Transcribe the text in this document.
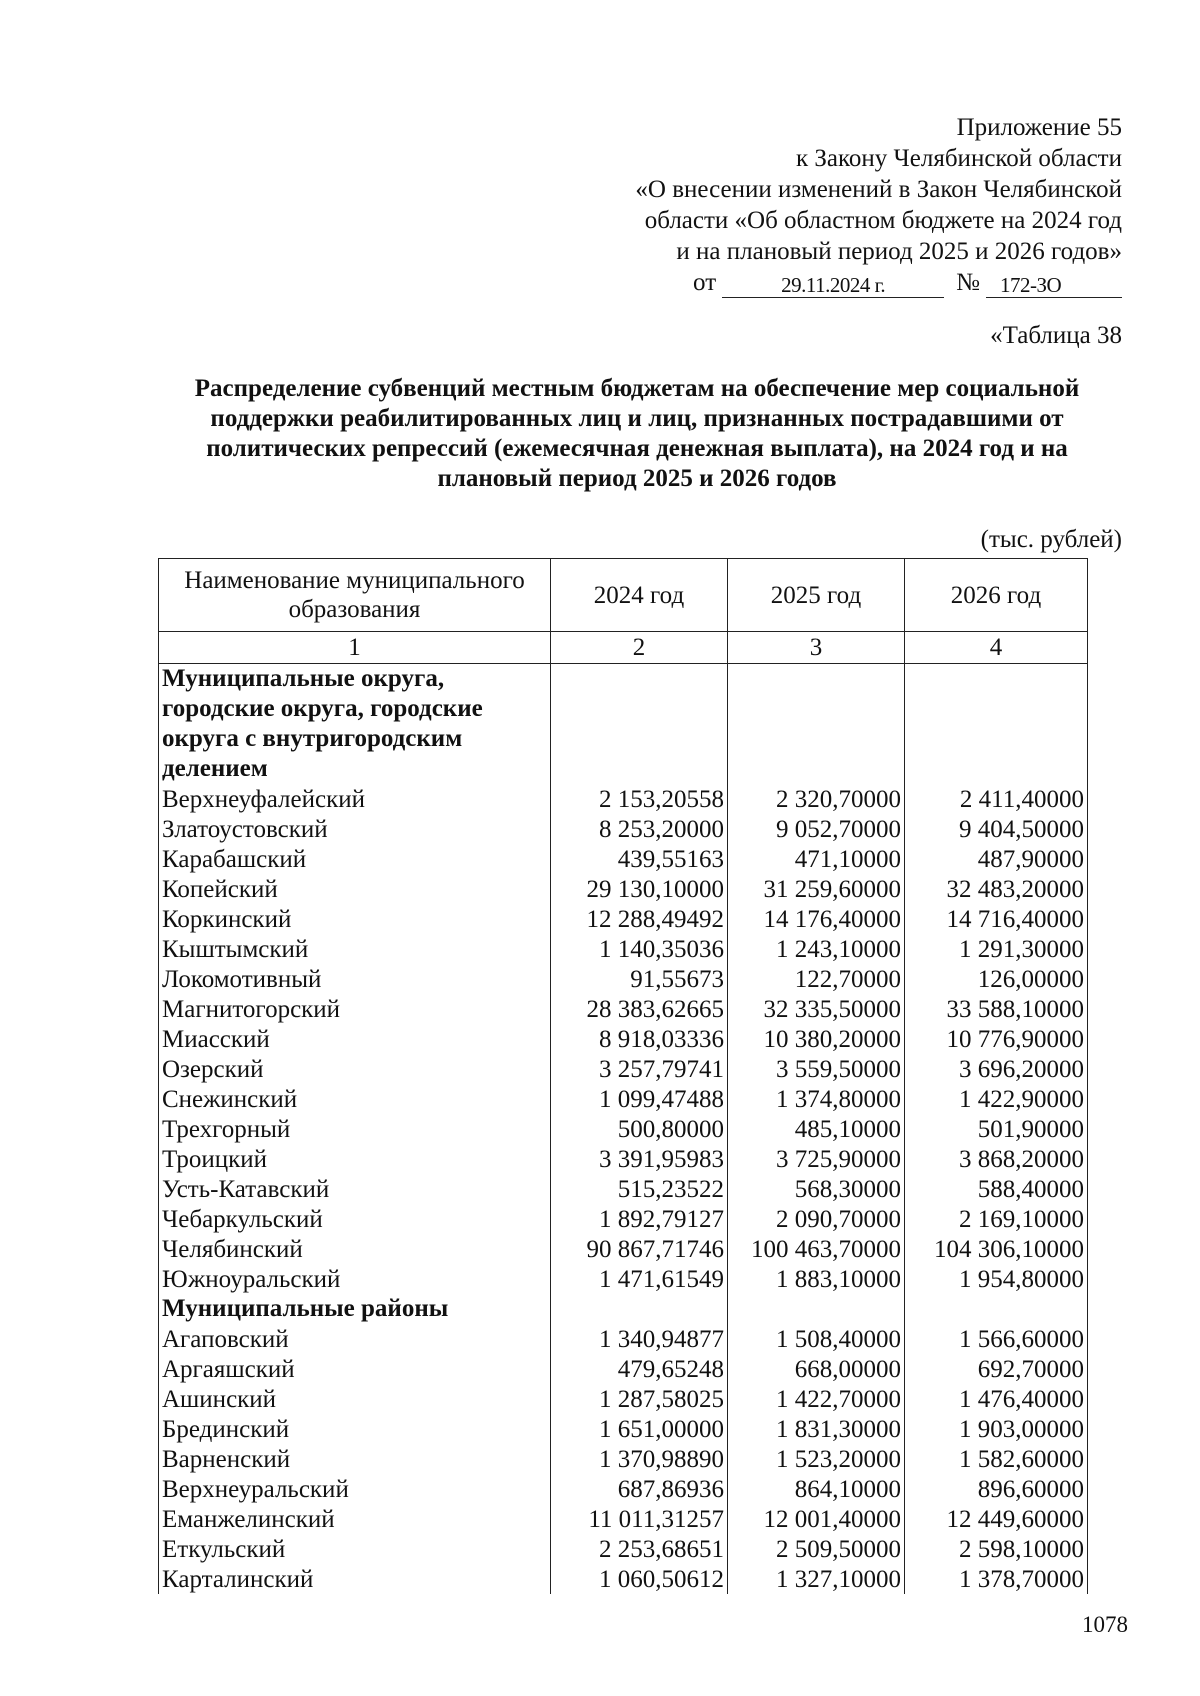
Приложение 55
к Закону Челябинской области
«О внесении изменений в Закон Челябинской
области «Об областном бюджете на 2024 год
и на плановый период 2025 и 2026 годов»
от	29.11.2024 г.	№ 172-ЗО
«Таблица 38
Распределение субвенций местным бюджетам на обеспечение мер социальной поддержки реабилитированных лиц и лиц, признанных пострадавшими от политических репрессий (ежемесячная денежная выплата), на 2024 год и на плановый период 2025 и 2026 годов
(тыс. рублей)
Наименование муниципального образования	2024 год	2025 год	2026 год
1	2	3	4
Муниципальные округа, городские округа, городские округа с внутригородским делением			
Верхнеуфалейский	2 153,20558	2 320,70000	2 411,40000
Златоустовский	8 253,20000	9 052,70000	9 404,50000
Карабашский	439,55163	471,10000	487,90000
Копейский	29 130,10000	31 259,60000	32 483,20000
Коркинский	12 288,49492	14 176,40000	14 716,40000
Кыштымский	1 140,35036	1 243,10000	1 291,30000
Локомотивный	91,55673	122,70000	126,00000
Магнитогорский	28 383,62665	32 335,50000	33 588,10000
Миасский	8 918,03336	10 380,20000	10 776,90000
Озерский	3 257,79741	3 559,50000	3 696,20000
Снежинский	1 099,47488	1 374,80000	1 422,90000
Трехгорный	500,80000	485,10000	501,90000
Троицкий	3 391,95983	3 725,90000	3 868,20000
Усть-Катавский	515,23522	568,30000	588,40000
Чебаркульский	1 892,79127	2 090,70000	2 169,10000
Челябинский	90 867,71746	100 463,70000	104 306,10000
Южноуральский	1 471,61549	1 883,10000	1 954,80000
Муниципальные районы			
Агаповский	1 340,94877	1 508,40000	1 566,60000
Аргаяшский	479,65248	668,00000	692,70000
Ашинский	1 287,58025	1 422,70000	1 476,40000
Брединский	1 651,00000	1 831,30000	1 903,00000
Варненский	1 370,98890	1 523,20000	1 582,60000
Верхнеуральский	687,86936	864,10000	896,60000
Еманжелинский	11 011,31257	12 001,40000	12 449,60000
Еткульский	2 253,68651	2 509,50000	2 598,10000
Карталинский	1 060,50612	1 327,10000	1 378,70000
1078
